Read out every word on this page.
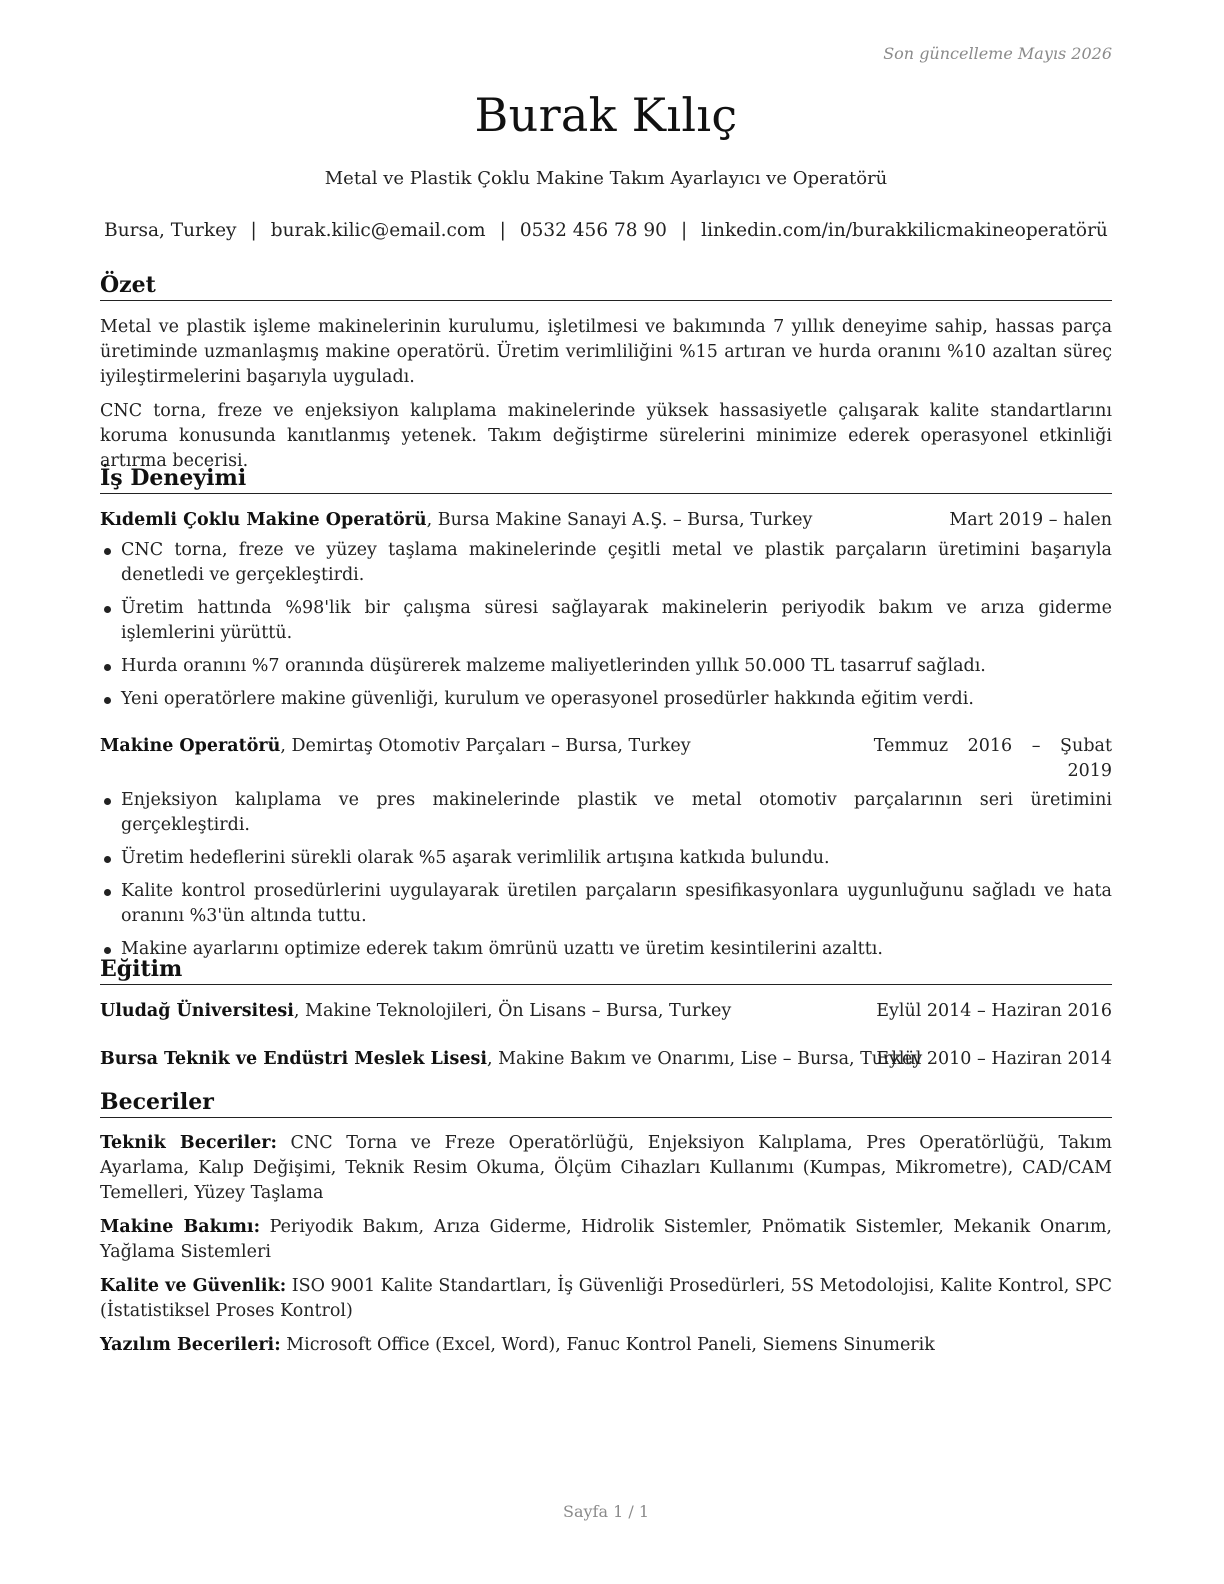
Son güncelleme Mayıs 2026
Burak Kılıç
Metal ve Plastik Çoklu Makine Takım Ayarlayıcı ve Operatörü
Bursa, Turkey | burak.kilic@email.com | 0532 456 78 90 | linkedin.com/in/burakkilicmakineoperatörü
Özet

Metal ve plastik işleme makinelerinin kurulumu, işletilmesi ve bakımında 7 yıllık deneyime sahip, hassas parça üretiminde uzmanlaşmış makine operatörü. Üretim verimliliğini %15 artıran ve hurda oranını %10 azaltan süreç iyileştirmelerini başarıyla uyguladı.

CNC torna, freze ve enjeksiyon kalıplama makinelerinde yüksek hassasiyetle çalışarak kalite standartlarını koruma konusunda kanıtlanmış yetenek. Takım değiştirme sürelerini minimize ederek operasyonel etkinliği artırma becerisi.

İş Deneyimi
Kıdemli Çoklu Makine Operatörü, Bursa Makine Sanayi A.Ş. – Bursa, Turkey	Mart 2019 – halen
CNC torna, freze ve yüzey taşlama makinelerinde çeşitli metal ve plastik parçaların üretimini başarıyla denetledi ve gerçekleştirdi.
Üretim hattında %98'lik bir çalışma süresi sağlayarak makinelerin periyodik bakım ve arıza giderme işlemlerini yürüttü.
Hurda oranını %7 oranında düşürerek malzeme maliyetlerinden yıllık 50.000 TL tasarruf sağladı.
Yeni operatörlere makine güvenliği, kurulum ve operasyonel prosedürler hakkında eğitim verdi.
Makine Operatörü, Demirtaş Otomotiv Parçaları – Bursa, Turkey	Temmuz 2016 – Şubat
2019
Enjeksiyon kalıplama ve pres makinelerinde plastik ve metal otomotiv parçalarının seri üretimini gerçekleştirdi.
Üretim hedeflerini sürekli olarak %5 aşarak verimlilik artışına katkıda bulundu.
Kalite kontrol prosedürlerini uygulayarak üretilen parçaların spesifikasyonlara uygunluğunu sağladı ve hata oranını %3'ün altında tuttu.
Makine ayarlarını optimize ederek takım ömrünü uzattı ve üretim kesintilerini azalttı.
Eğitim
Uludağ Üniversitesi, Makine Teknolojileri, Ön Lisans – Bursa, Turkey	Eylül 2014 – Haziran 2016
Bursa Teknik ve Endüstri Meslek Lisesi, Makine Bakım ve Onarımı, Lise – Bursa, Turkey
Eylül 2010 – Haziran 2014
Beceriler

Teknik Beceriler: CNC Torna ve Freze Operatörlüğü, Enjeksiyon Kalıplama, Pres Operatörlüğü, Takım Ayarlama, Kalıp Değişimi, Teknik Resim Okuma, Ölçüm Cihazları Kullanımı (Kumpas, Mikrometre), CAD/CAM Temelleri, Yüzey Taşlama

Makine Bakımı: Periyodik Bakım, Arıza Giderme, Hidrolik Sistemler, Pnömatik Sistemler, Mekanik Onarım, Yağlama Sistemleri

Kalite ve Güvenlik: ISO 9001 Kalite Standartları, İş Güvenliği Prosedürleri, 5S Metodolojisi, Kalite Kontrol, SPC (İstatistiksel Proses Kontrol)

Yazılım Becerileri: Microsoft Office (Excel, Word), Fanuc Kontrol Paneli, Siemens Sinumerik

Sayfa 1 / 1
